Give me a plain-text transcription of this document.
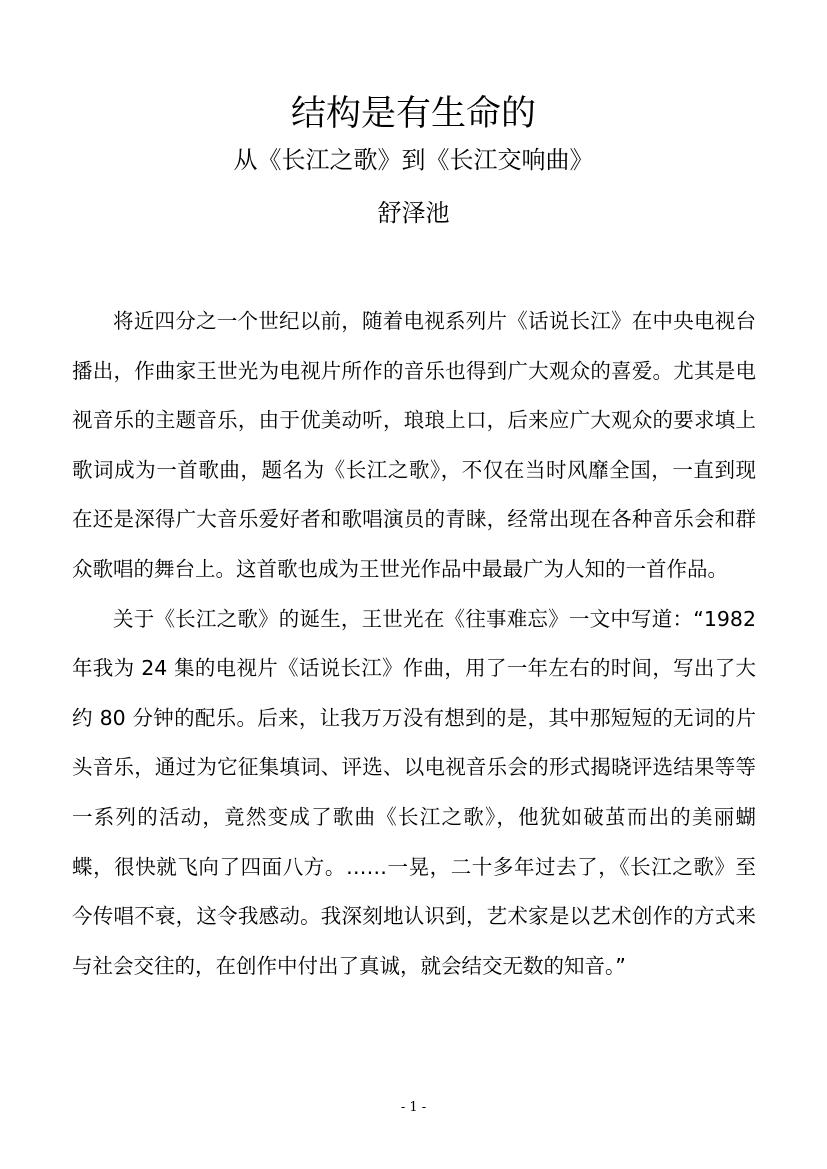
结构是有生命的
从《长江之歌》到《长江交响曲》
舒泽池

将近四分之一个世纪以前，随着电视系列片《话说长江》在中央电视台播出，作曲家王世光为电视片所作的音乐也得到广大观众的喜爱。尤其是电视音乐的主题音乐，由于优美动听，琅琅上口，后来应广大观众的要求填上歌词成为一首歌曲，题名为《长江之歌》，不仅在当时风靡全国，一直到现在还是深得广大音乐爱好者和歌唱演员的青睐，经常出现在各种音乐会和群众歌唱的舞台上。这首歌也成为王世光作品中最最广为人知的一首作品。

关于《长江之歌》的诞生，王世光在《往事难忘》一文中写道：“1982年我为 24 集的电视片《话说长江》作曲，用了一年左右的时间，写出了大约 80 分钟的配乐。后来，让我万万没有想到的是，其中那短短的无词的片头音乐，通过为它征集填词、评选、以电视音乐会的形式揭晓评选结果等等一系列的活动，竟然变成了歌曲《长江之歌》，他犹如破茧而出的美丽蝴蝶，很快就飞向了四面八方。……一晃，二十多年过去了，《长江之歌》至今传唱不衰，这令我感动。我深刻地认识到，艺术家是以艺术创作的方式来与社会交往的，在创作中付出了真诚，就会结交无数的知音。”

- 1 -
